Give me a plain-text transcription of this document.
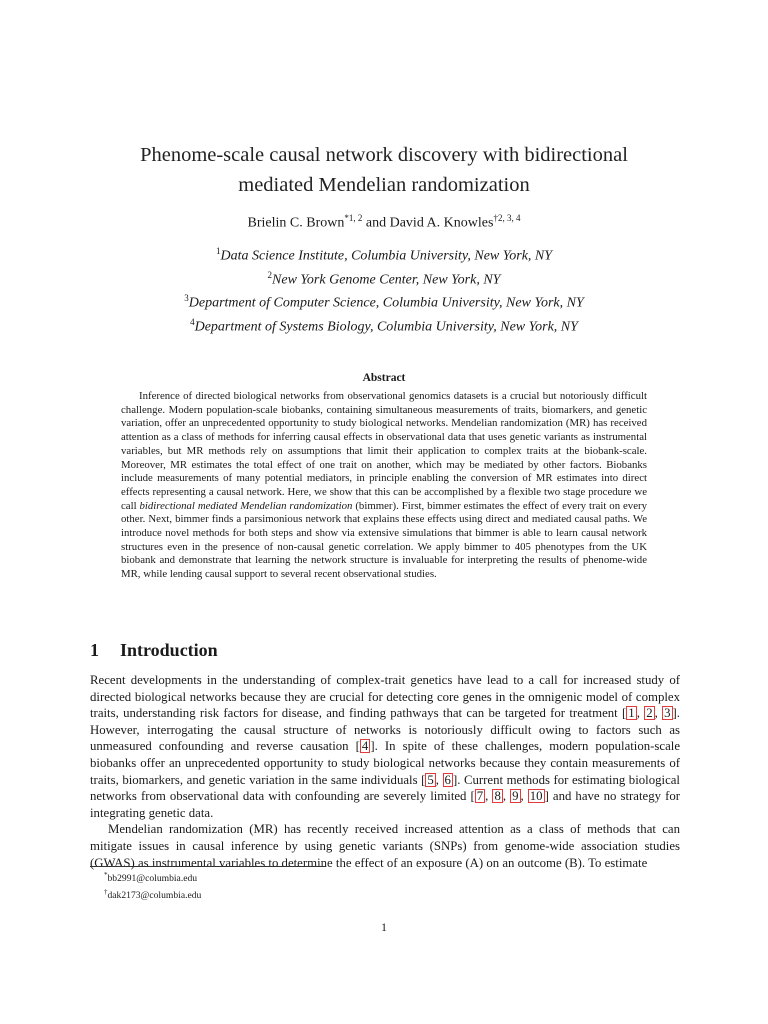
Phenome-scale causal network discovery with bidirectional
mediated Mendelian randomization
Brielin C. Brown$^{*1, 2}$ and David A. Knowles$^{\dagger 2, 3, 4}$
$^1$Data Science Institute, Columbia University, New York, NY
$^2$New York Genome Center, New York, NY
$^3$Department of Computer Science, Columbia University, New York, NY
$^4$Department of Systems Biology, Columbia University, New York, NY
Abstract

Inference of directed biological networks from observational genomics datasets is a crucial but notoriously difficult challenge. Modern population-scale biobanks, containing simultaneous measurements of traits, biomarkers, and genetic variation, offer an unprecedented opportunity to study biological networks. Mendelian randomization (MR) has received attention as a class of methods for inferring causal effects in observational data that uses genetic variants as instrumental variables, but MR methods rely on assumptions that limit their application to complex traits at the biobank-scale. Moreover, MR estimates the total effect of one trait on another, which may be mediated by other factors. Biobanks include measurements of many potential mediators, in principle enabling the conversion of MR estimates into direct effects representing a causal network. Here, we show that this can be accomplished by a flexible two stage procedure we call bidirectional mediated Mendelian randomization (bimmer). First, bimmer estimates the effect of every trait on every other. Next, bimmer finds a parsimonious network that explains these effects using direct and mediated causal paths. We introduce novel methods for both steps and show via extensive simulations that bimmer is able to learn causal network structures even in the presence of non-causal genetic correlation. We apply bimmer to 405 phenotypes from the UK biobank and demonstrate that learning the network structure is invaluable for interpreting the results of phenome-wide MR, while lending causal support to several recent observational studies.

1 Introduction

Recent developments in the understanding of complex-trait genetics have lead to a call for increased study of directed biological networks because they are crucial for detecting core genes in the omnigenic model of complex traits, understanding risk factors for disease, and finding pathways that can be targeted for treatment [ 1 , 2 , 3 ]. However, interrogating the causal structure of networks is notoriously difficult owing to factors such as unmeasured confounding and reverse causation [ 4 ]. In spite of these challenges, modern population-scale biobanks offer an unprecedented opportunity to study biological networks because they contain measurements of traits, biomarkers, and genetic variation in the same individuals [ 5 , 6 ]. Current methods for estimating biological networks from observational data with confounding are severely limited [ 7 , 8 , 9 , 10 ] and have no strategy for integrating genetic data.

Mendelian randomization (MR) has recently received increased attention as a class of methods that can mitigate issues in causal inference by using genetic variants (SNPs) from genome-wide association studies (GWAS) as instrumental variables to determine the effect of an exposure (A) on an outcome (B). To estimate

*bb2991@columbia.edu
†dak2173@columbia.edu
1
